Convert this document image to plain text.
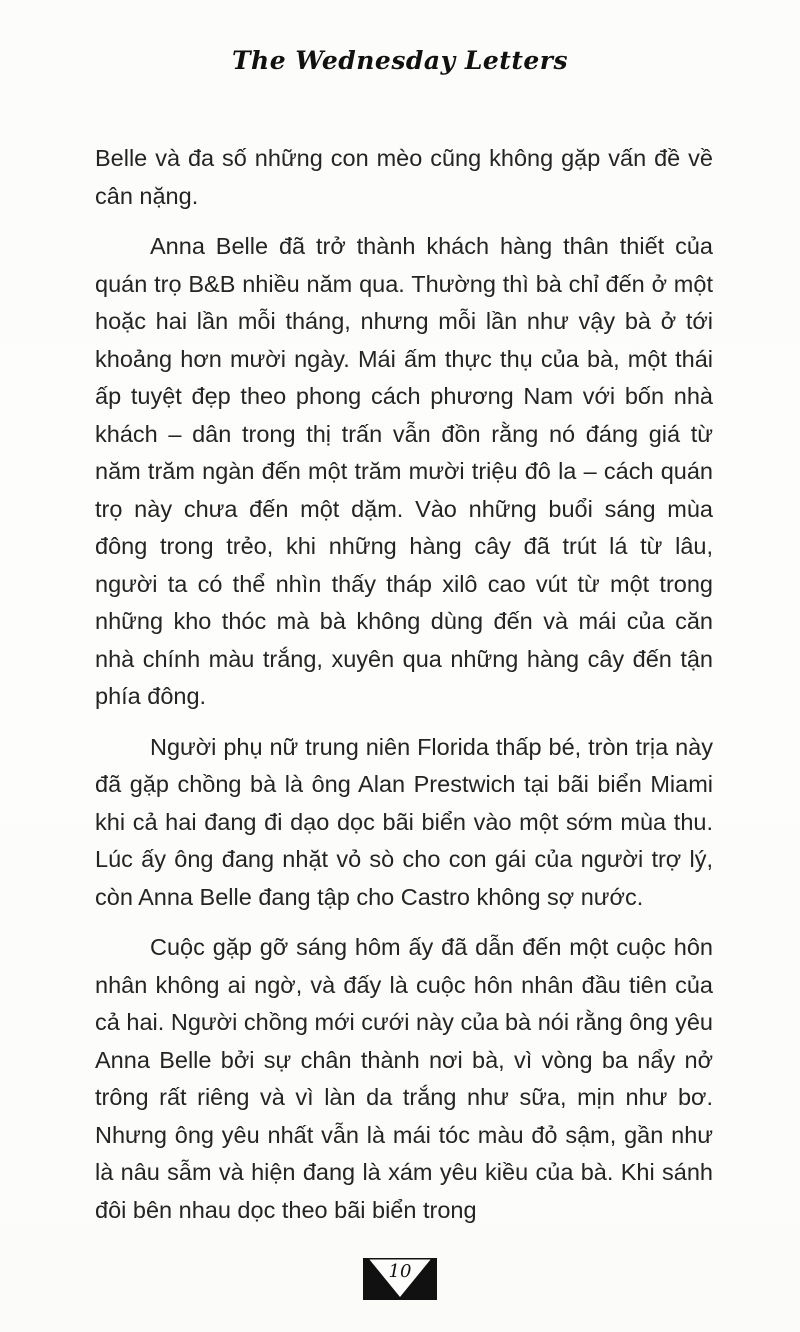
The Wednesday Letters

Belle và đa số những con mèo cũng không gặp vấn đề về cân nặng.

Anna Belle đã trở thành khách hàng thân thiết của quán trọ B&B nhiều năm qua. Thường thì bà chỉ đến ở một hoặc hai lần mỗi tháng, nhưng mỗi lần như vậy bà ở tới khoảng hơn mười ngày. Mái ấm thực thụ của bà, một thái ấp tuyệt đẹp theo phong cách phương Nam với bốn nhà khách – dân trong thị trấn vẫn đồn rằng nó đáng giá từ năm trăm ngàn đến một trăm mười triệu đô la – cách quán trọ này chưa đến một dặm. Vào những buổi sáng mùa đông trong trẻo, khi những hàng cây đã trút lá từ lâu, người ta có thể nhìn thấy tháp xilô cao vút từ một trong những kho thóc mà bà không dùng đến và mái của căn nhà chính màu trắng, xuyên qua những hàng cây đến tận phía đông.

Người phụ nữ trung niên Florida thấp bé, tròn trịa này đã gặp chồng bà là ông Alan Prestwich tại bãi biển Miami khi cả hai đang đi dạo dọc bãi biển vào một sớm mùa thu. Lúc ấy ông đang nhặt vỏ sò cho con gái của người trợ lý, còn Anna Belle đang tập cho Castro không sợ nước.

Cuộc gặp gỡ sáng hôm ấy đã dẫn đến một cuộc hôn nhân không ai ngờ, và đấy là cuộc hôn nhân đầu tiên của cả hai. Người chồng mới cưới này của bà nói rằng ông yêu Anna Belle bởi sự chân thành nơi bà, vì vòng ba nẩy nở trông rất riêng và vì làn da trắng như sữa, mịn như bơ. Nhưng ông yêu nhất vẫn là mái tóc màu đỏ sậm, gần như là nâu sẫm và hiện đang là xám yêu kiều của bà. Khi sánh đôi bên nhau dọc theo bãi biển trong

10
